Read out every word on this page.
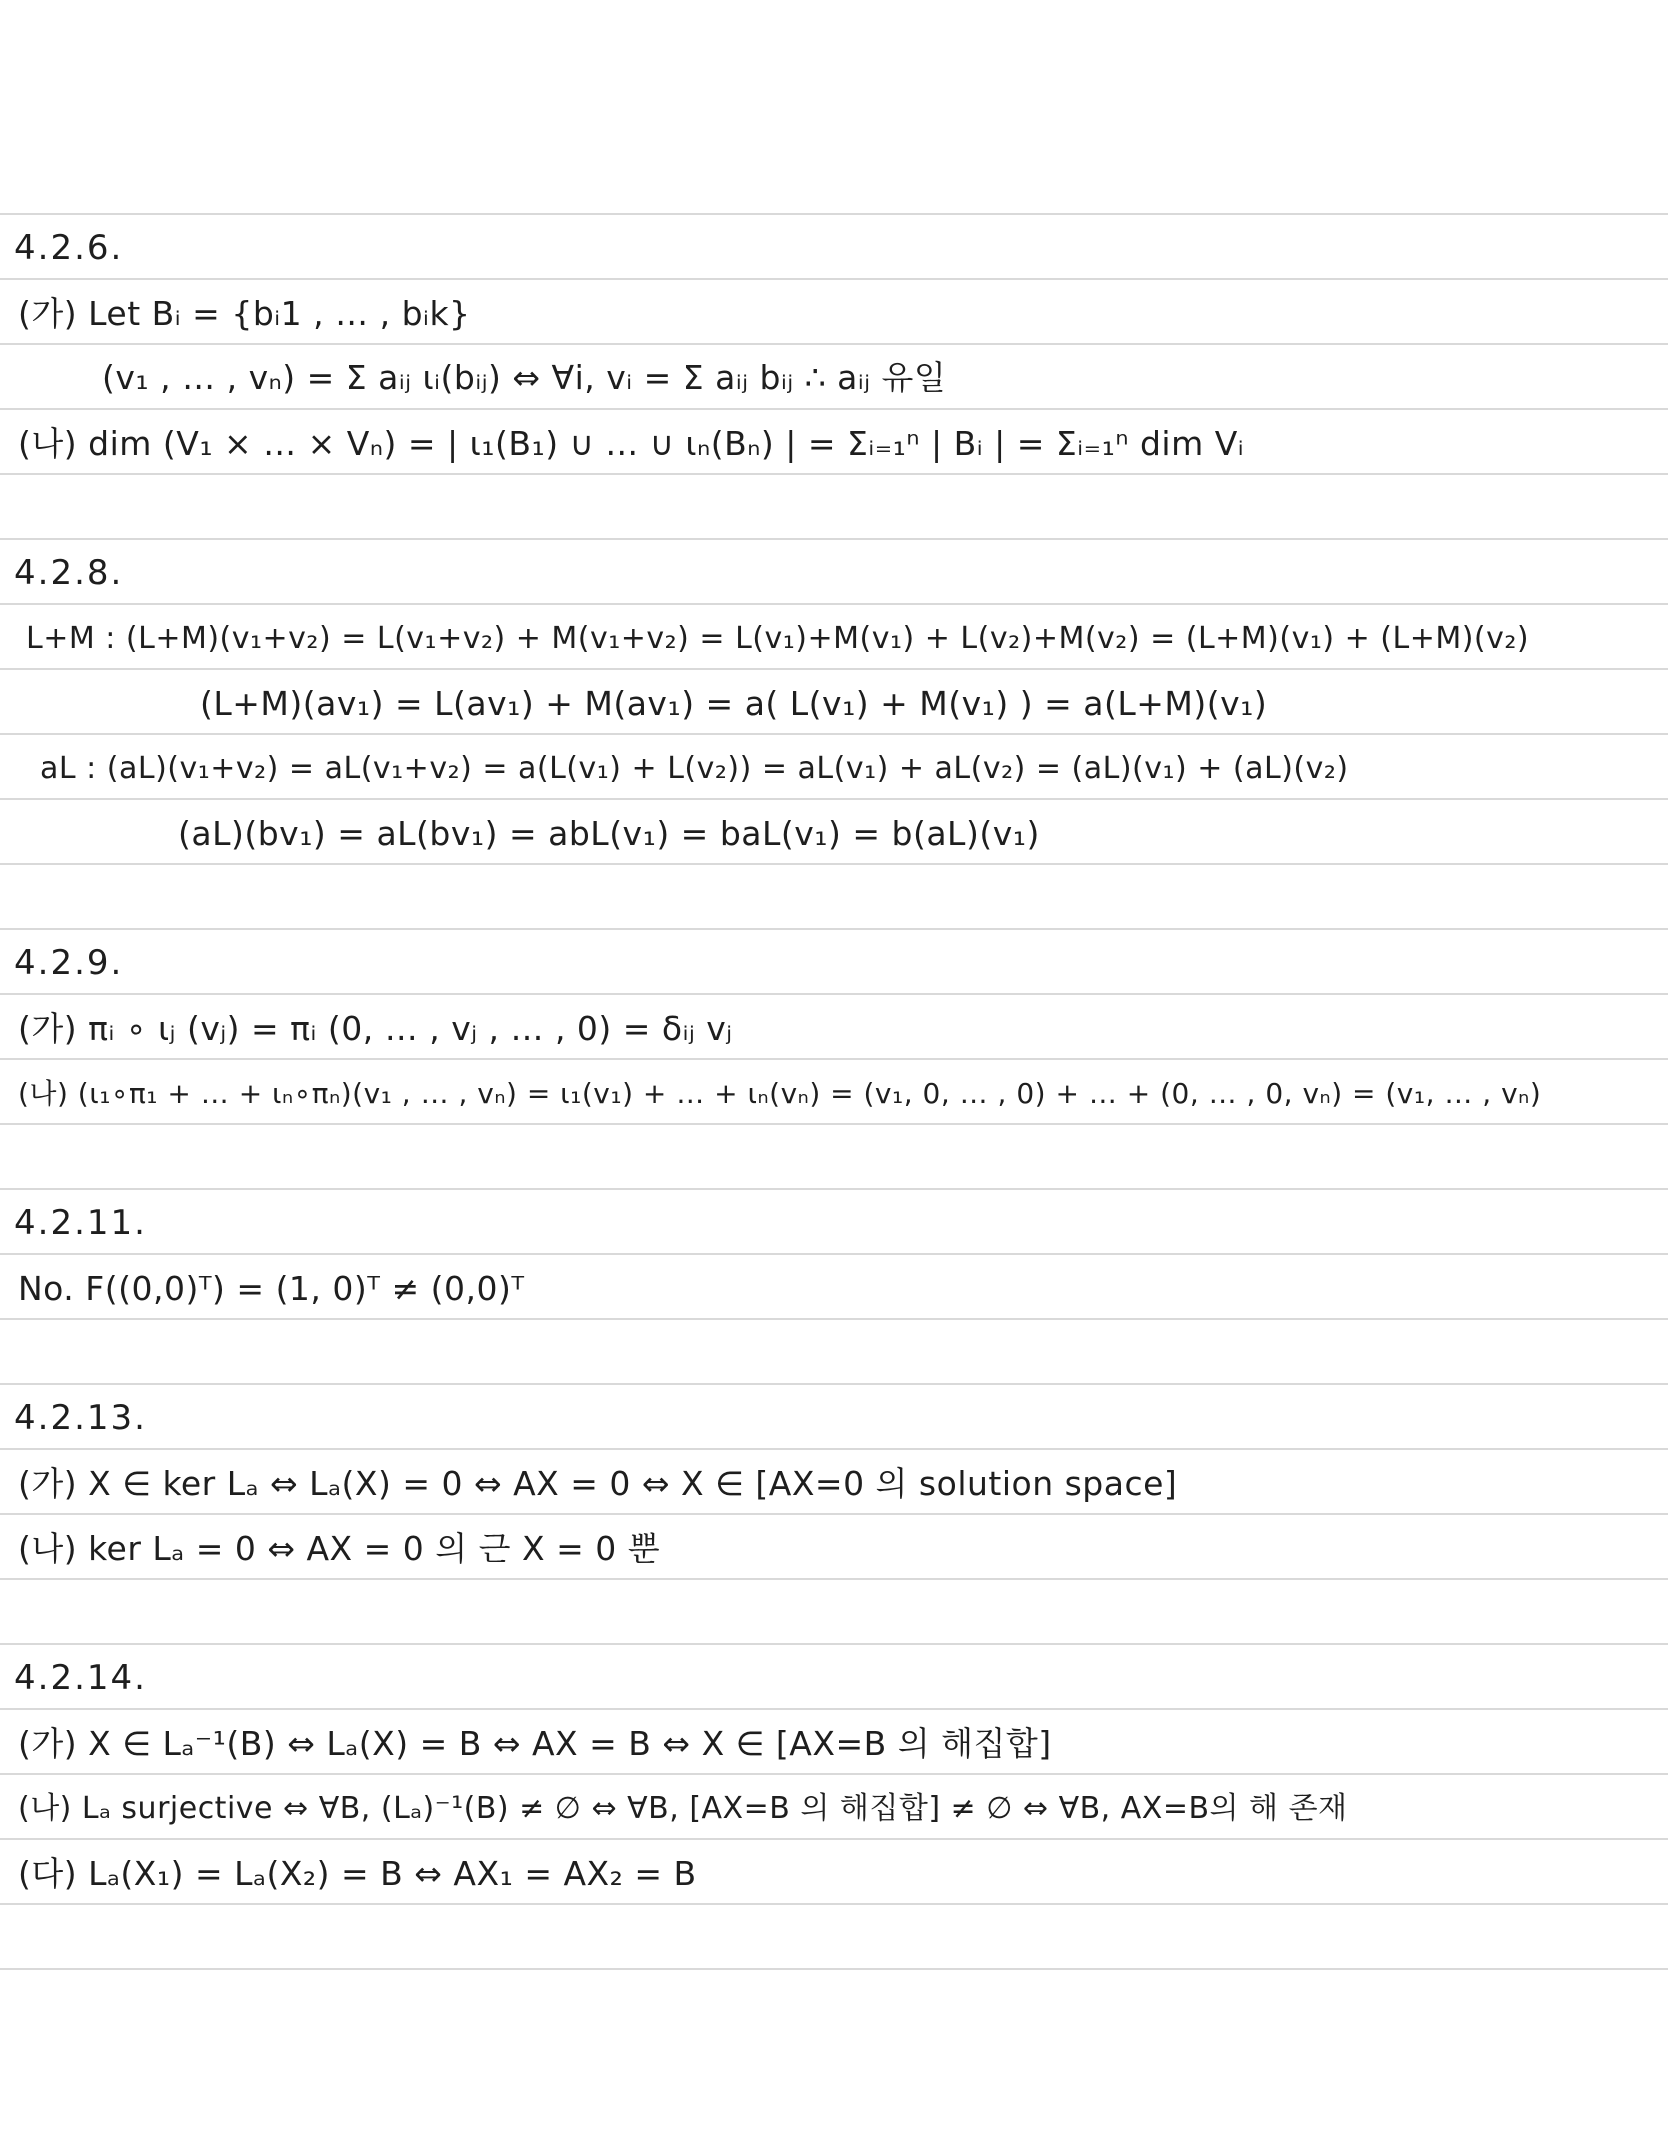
4.2.6.
(가) Let Bᵢ = {bᵢ1 , … , bᵢk}
(v₁ , … , vₙ) = Σ aᵢⱼ ιᵢ(bᵢⱼ) ⇔ ∀i, vᵢ = Σ aᵢⱼ bᵢⱼ ∴ aᵢⱼ 유일
(나) dim (V₁ × … × Vₙ) = | ι₁(B₁) ∪ … ∪ ιₙ(Bₙ) | = Σᵢ₌₁ⁿ | Bᵢ | = Σᵢ₌₁ⁿ dim Vᵢ
4.2.8.
L+M : (L+M)(v₁+v₂) = L(v₁+v₂) + M(v₁+v₂) = L(v₁)+M(v₁) + L(v₂)+M(v₂) = (L+M)(v₁) + (L+M)(v₂)
(L+M)(av₁) = L(av₁) + M(av₁) = a( L(v₁) + M(v₁) ) = a(L+M)(v₁)
aL : (aL)(v₁+v₂) = aL(v₁+v₂) = a(L(v₁) + L(v₂)) = aL(v₁) + aL(v₂) = (aL)(v₁) + (aL)(v₂)
(aL)(bv₁) = aL(bv₁) = abL(v₁) = baL(v₁) = b(aL)(v₁)
4.2.9.
(가) πᵢ ∘ ιⱼ (vⱼ) = πᵢ (0, … , vⱼ , … , 0) = δᵢⱼ vⱼ
(나) (ι₁∘π₁ + … + ιₙ∘πₙ)(v₁ , … , vₙ) = ι₁(v₁) + … + ιₙ(vₙ) = (v₁, 0, … , 0) + … + (0, … , 0, vₙ) = (v₁, … , vₙ)
4.2.11.
No. F((0,0)ᵀ) = (1, 0)ᵀ ≠ (0,0)ᵀ
4.2.13.
(가) X ∈ ker Lₐ ⇔ Lₐ(X) = 0 ⇔ AX = 0 ⇔ X ∈ [AX=0 의 solution space]
(나) ker Lₐ = 0 ⇔ AX = 0 의 근 X = 0 뿐
4.2.14.
(가) X ∈ Lₐ⁻¹(B) ⇔ Lₐ(X) = B ⇔ AX = B ⇔ X ∈ [AX=B 의 해집합]
(나) Lₐ surjective ⇔ ∀B, (Lₐ)⁻¹(B) ≠ ∅ ⇔ ∀B, [AX=B 의 해집합] ≠ ∅ ⇔ ∀B, AX=B의 해 존재
(다) Lₐ(X₁) = Lₐ(X₂) = B ⇔ AX₁ = AX₂ = B
